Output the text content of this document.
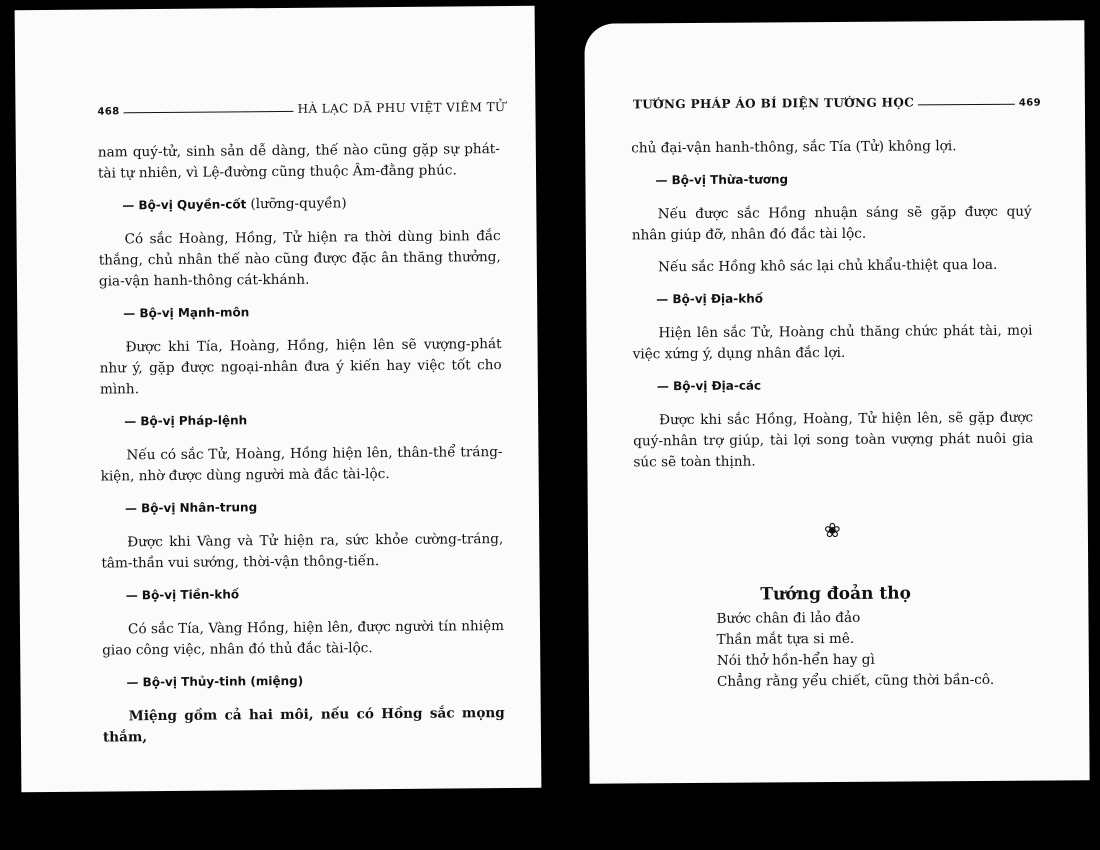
468	HÀ LẠC DÃ PHU VIỆT VIÊM TỬ

nam quý-tử, sinh sản dễ dàng, thế nào cũng gặp sự phát-tài tự nhiên, vì Lệ-đường cũng thuộc Âm-đằng phúc.

— Bộ-vị Quyền-cốt (lưỡng-quyền)

Có sắc Hoàng, Hồng, Tử hiện ra thời dùng binh đắc thắng, chủ nhân thế nào cũng được đặc ân thăng thưởng, gia-vận hanh-thông cát-khánh.

— Bộ-vị Mạnh-môn

Được khi Tía, Hoàng, Hồng, hiện lên sẽ vượng-phát như ý, gặp được ngoại-nhân đưa ý kiến hay việc tốt cho mình.

— Bộ-vị Pháp-lệnh

Nếu có sắc Tử, Hoàng, Hồng hiện lên, thân-thể tráng-kiện, nhờ được dùng người mà đắc tài-lộc.

— Bộ-vị Nhân-trung

Được khi Vàng và Tử hiện ra, sức khỏe cường-tráng, tâm-thần vui sướng, thời-vận thông-tiến.

— Bộ-vị Tiền-khố

Có sắc Tía, Vàng Hồng, hiện lên, được người tín nhiệm giao công việc, nhân đó thủ đắc tài-lộc.

— Bộ-vị Thủy-tinh (miệng)

Miệng gồm cả hai môi, nếu có Hồng sắc mọng thắm,

TƯỚNG PHÁP ÁO BÍ DIỆN TƯỚNG HỌC	469

chủ đại-vận hanh-thông, sắc Tía (Tử) không lợi.

— Bộ-vị Thừa-tương

Nếu được sắc Hồng nhuận sáng sẽ gặp được quý nhân giúp đỡ, nhân đó đắc tài lộc.

Nếu sắc Hồng khô sác lại chủ khẩu-thiệt qua loa.

— Bộ-vị Địa-khố

Hiện lên sắc Tử, Hoàng chủ thăng chức phát tài, mọi việc xứng ý, dụng nhân đắc lợi.

— Bộ-vị Địa-các

Được khi sắc Hồng, Hoàng, Tử hiện lên, sẽ gặp được quý-nhân trợ giúp, tài lợi song toàn vượng phát nuôi gia súc sẽ toàn thịnh.

❀
Tướng đoản thọ
Bước chân đi lảo đảo
Thần mắt tựa si mê.
Nói thở hồn-hển hay gì
Chẳng rằng yểu chiết, cũng thời bần-cô.
